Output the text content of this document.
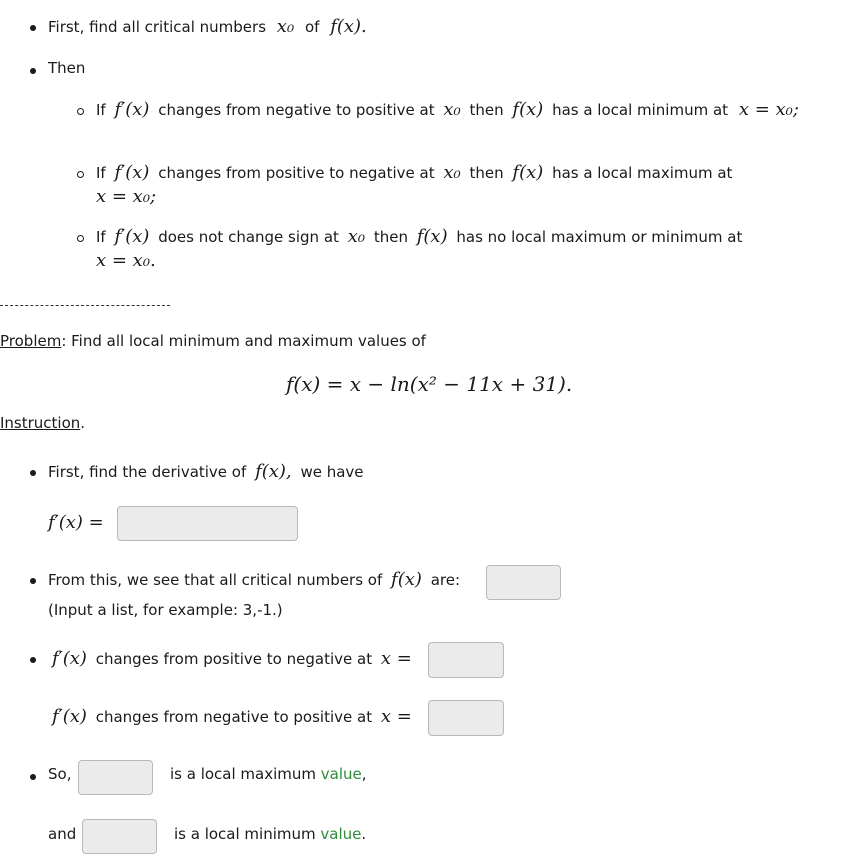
First, find all critical numbers x₀ of f(x).
Then
If f′(x) changes from negative to positive at x₀ then f(x) has a local minimum at x = x₀;
If f′(x) changes from positive to negative at x₀ then f(x) has a local maximum at
x = x₀;
If f′(x) does not change sign at x₀ then f(x) has no local maximum or minimum at
x = x₀.
Problem: Find all local minimum and maximum values of
f(x) = x − ln(x² − 11x + 31).
Instruction.
First, find the derivative of f(x), we have
f′(x) =
From this, we see that all critical numbers of f(x) are:
(Input a list, for example: 3,-1.)
f′(x) changes from positive to negative at x =
f′(x) changes from negative to positive at x =
So,	is a local maximum value,
and	is a local minimum value.
